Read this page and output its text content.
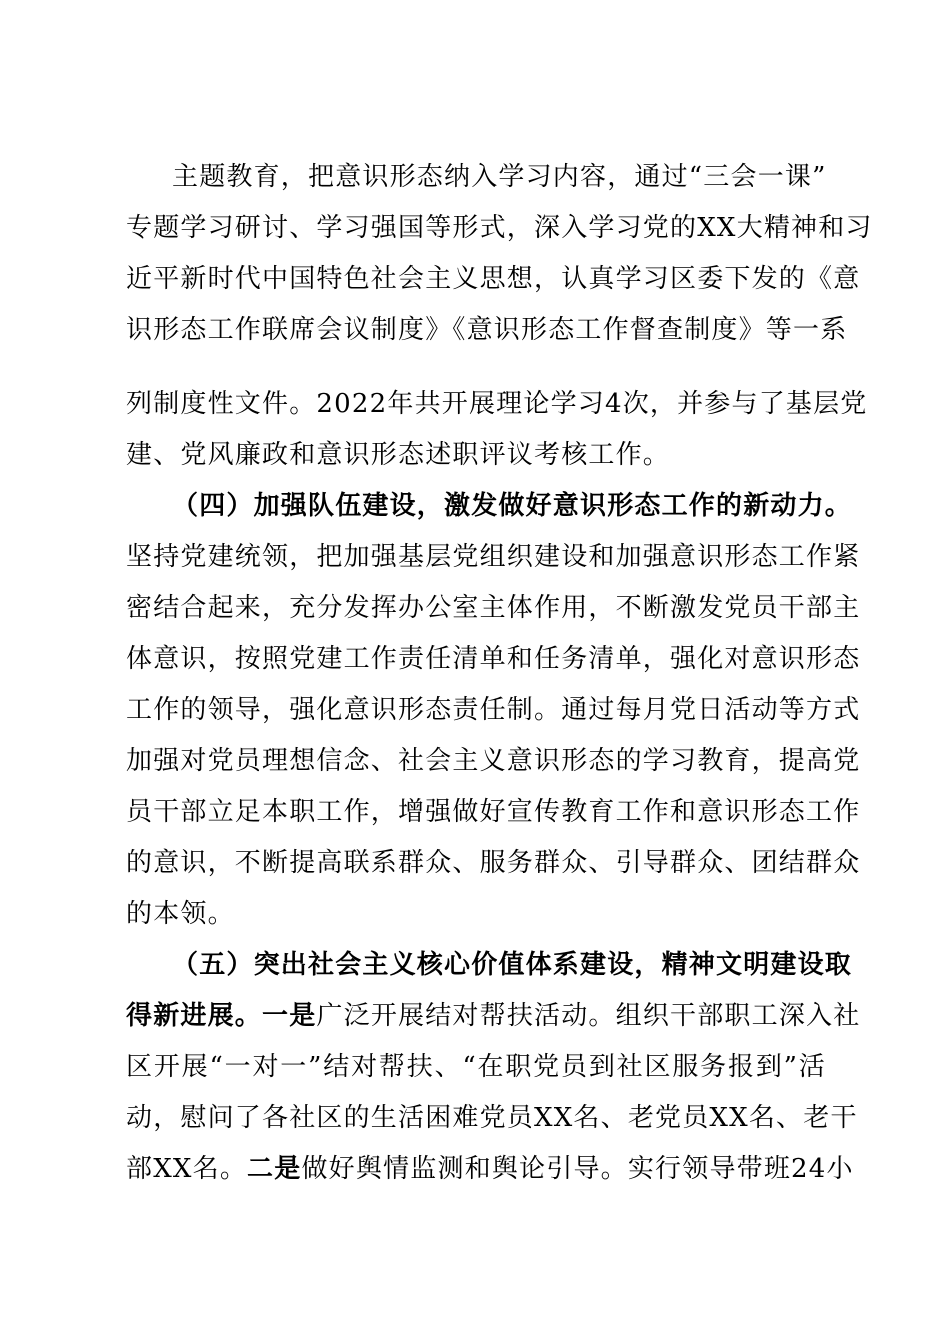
主题教育，把意识形态纳入学习内容，通过“三会一课”
专题学习研讨、学习强国等形式，深入学习党的XX大精神和习
近平新时代中国特色社会主义思想，认真学习区委下发的《意
识形态工作联席会议制度》《意识形态工作督查制度》等一系
列制度性文件。2022年共开展理论学习4次，并参与了基层党
建、党风廉政和意识形态述职评议考核工作。
（四）加强队伍建设，激发做好意识形态工作的新动力。
坚持党建统领，把加强基层党组织建设和加强意识形态工作紧
密结合起来，充分发挥办公室主体作用，不断激发党员干部主
体意识，按照党建工作责任清单和任务清单，强化对意识形态
工作的领导，强化意识形态责任制。通过每月党日活动等方式
加强对党员理想信念、社会主义意识形态的学习教育，提高党
员干部立足本职工作，增强做好宣传教育工作和意识形态工作
的意识，不断提高联系群众、服务群众、引导群众、团结群众
的本领。
（五）突出社会主义核心价值体系建设，精神文明建设取
得新进展。一是广泛开展结对帮扶活动。组织干部职工深入社
区开展“一对一”结对帮扶、“在职党员到社区服务报到”活
动，慰问了各社区的生活困难党员XX名、老党员XX名、老干
部XX名。二是做好舆情监测和舆论引导。实行领导带班24小
